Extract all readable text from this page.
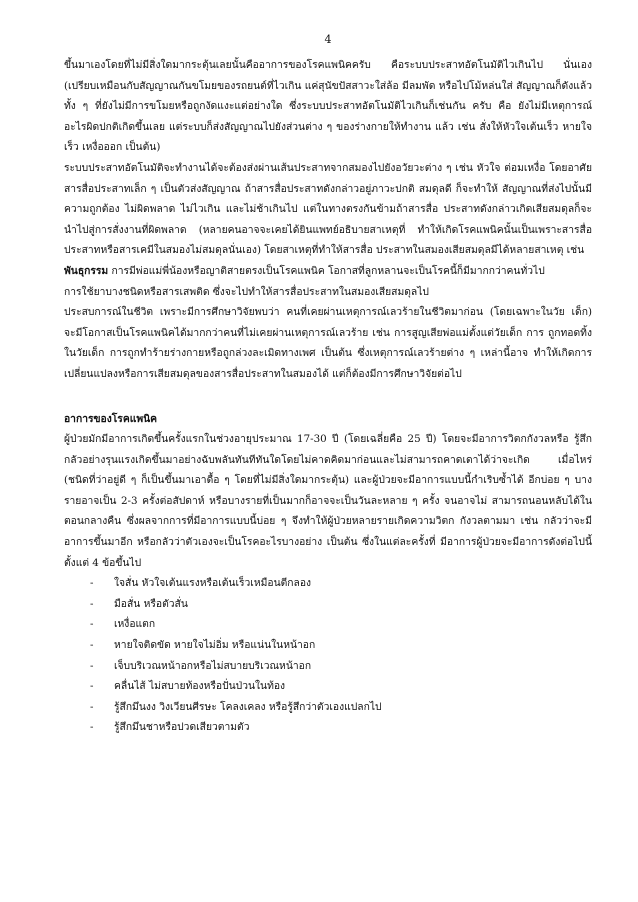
4

ขึ้นมาเองโดยที่ไม่มีสิ่งใดมากระตุ้นเลยนั้นคืออาการของโรคแพนิคครับ คือระบบประสาทอัตโนมัติไวเกินไป นั่นเอง (เปรียบเหมือนกับสัญญาณกันขโมยของรถยนต์ที่ไวเกิน แค่สุนัขปัสสาวะใส่ล้อ มีลมพัด หรือไปโม้หล่นใส่ สัญญาณก็ดังแล้ว ทั้ง ๆ ที่ยังไม่มีการขโมยหรือถูกงัดแงะแต่อย่างใด ซึ่งระบบประสาทอัตโนมัติไวเกินก็เช่นกัน ครับ คือ ยังไม่มีเหตุการณ์อะไรผิดปกติเกิดขึ้นเลย แต่ระบบก็ส่งสัญญาณไปยังส่วนต่าง ๆ ของร่างกายให้ทำงาน แล้ว เช่น สั่งให้หัวใจเต้นเร็ว หายใจเร็ว เหงื่อออก เป็นต้น)

ระบบประสาทอัตโนมัติจะทำงานได้จะต้องส่งผ่านเส้นประสาทจากสมองไปยังอวัยวะต่าง ๆ เช่น หัวใจ ต่อมเหงื่อ โดยอาศัยสารสื่อประสาทเล็ก ๆ เป็นตัวส่งสัญญาณ ถ้าสารสื่อประสาทดังกล่าวอยู่ภาวะปกติ สมดุลดี ก็จะทำให้ สัญญาณที่ส่งไปนั้นมีความถูกต้อง ไม่ผิดพลาด ไม่ไวเกิน และไม่ช้าเกินไป แต่ในทางตรงกันข้ามถ้าสารสื่อ ประสาทดังกล่าวเกิดเสียสมดุลก็จะนำไปสู่การสั่งงานที่ผิดพลาด (หลายคนอาจจะเคยได้ยินแพทย์อธิบายสาเหตุที่ ทำให้เกิดโรคแพนิคนั้นเป็นเพราะสารสื่อประสาทหรือสารเคมีในสมองไม่สมดุลนั่นเอง) โดยสาเหตุที่ทำให้สารสื่อ ประสาทในสมองเสียสมดุลมีได้หลายสาเหตุ เช่น

พันธุกรรม การมีพ่อแม่พี่น้องหรือญาติสายตรงเป็นโรคแพนิค โอกาสที่ลูกหลานจะเป็นโรคนี้ก็มีมากกว่าคนทั่วไป

การใช้ยาบางชนิดหรือสารเสพติด ซึ่งจะไปทำให้สารสื่อประสาทในสมองเสียสมดุลไป

ประสบการณ์ในชีวิต เพราะมีการศึกษาวิจัยพบว่า คนที่เคยผ่านเหตุการณ์เลวร้ายในชีวิตมาก่อน (โดยเฉพาะในวัย เด็ก) จะมีโอกาสเป็นโรคแพนิคได้มากกว่าคนที่ไม่เคยผ่านเหตุการณ์เลวร้าย เช่น การสูญเสียพ่อแม่ตั้งแต่วัยเด็ก การ ถูกทอดทิ้งในวัยเด็ก การถูกทำร้ายร่างกายหรือถูกล่วงละเมิดทางเพศ เป็นต้น ซึ่งเหตุการณ์เลวร้ายต่าง ๆ เหล่านี้อาจ ทำให้เกิดการเปลี่ยนแปลงหรือการเสียสมดุลของสารสื่อประสาทในสมองได้ แต่ก็ต้องมีการศึกษาวิจัยต่อไป

อาการของโรคแพนิค

ผู้ป่วยมักมีอาการเกิดขึ้นครั้งแรกในช่วงอายุประมาณ 17-30 ปี (โดยเฉลี่ยคือ 25 ปี) โดยจะมีอาการวิตกกังวลหรือ รู้สึกกลัวอย่างรุนแรงเกิดขึ้นมาอย่างฉับพลันทันทีทันใดโดยไม่คาดคิดมาก่อนและไม่สามารถคาดเดาได้ว่าจะเกิด เมื่อไหร่ (ชนิดที่ว่าอยู่ดี ๆ ก็เป็นขึ้นมาเอาดื้อ ๆ โดยที่ไม่มีสิ่งใดมากระตุ้น) และผู้ป่วยจะมีอาการแบบนี้กำเริบซ้ำได้ อีกบ่อย ๆ บางรายอาจเป็น 2-3 ครั้งต่อสัปดาห์ หรือบางรายที่เป็นมากก็อาจจะเป็นวันละหลาย ๆ ครั้ง จนอาจไม่ สามารถนอนหลับได้ในตอนกลางคืน ซึ่งผลจากการที่มีอาการแบบนี้บ่อย ๆ จึงทำให้ผู้ป่วยหลายรายเกิดความวิตก กังวลตามมา เช่น กลัวว่าจะมีอาการขึ้นมาอีก หรือกลัวว่าตัวเองจะเป็นโรคอะไรบางอย่าง เป็นต้น ซึ่งในแต่ละครั้งที่ มีอาการผู้ป่วยจะมีอาการดังต่อไปนี้ตั้งแต่ 4 ข้อขึ้นไป

-	ใจสั่น หัวใจเต้นแรงหรือเต้นเร็วเหมือนตีกลอง
-	มือสั่น หรือตัวสั่น
-	เหงื่อแตก
-	หายใจติดขัด หายใจไม่อิ่ม หรือแน่นในหน้าอก
-	เจ็บบริเวณหน้าอกหรือไม่สบายบริเวณหน้าอก
-	คลื่นไส้ ไม่สบายท้องหรือปั่นป่วนในท้อง
-	รู้สึกมึนงง วิงเวียนศีรษะ โคลงเคลง หรือรู้สึกว่าตัวเองแปลกไป
-	รู้สึกมึนชาหรือปวดเสียวตามตัว
